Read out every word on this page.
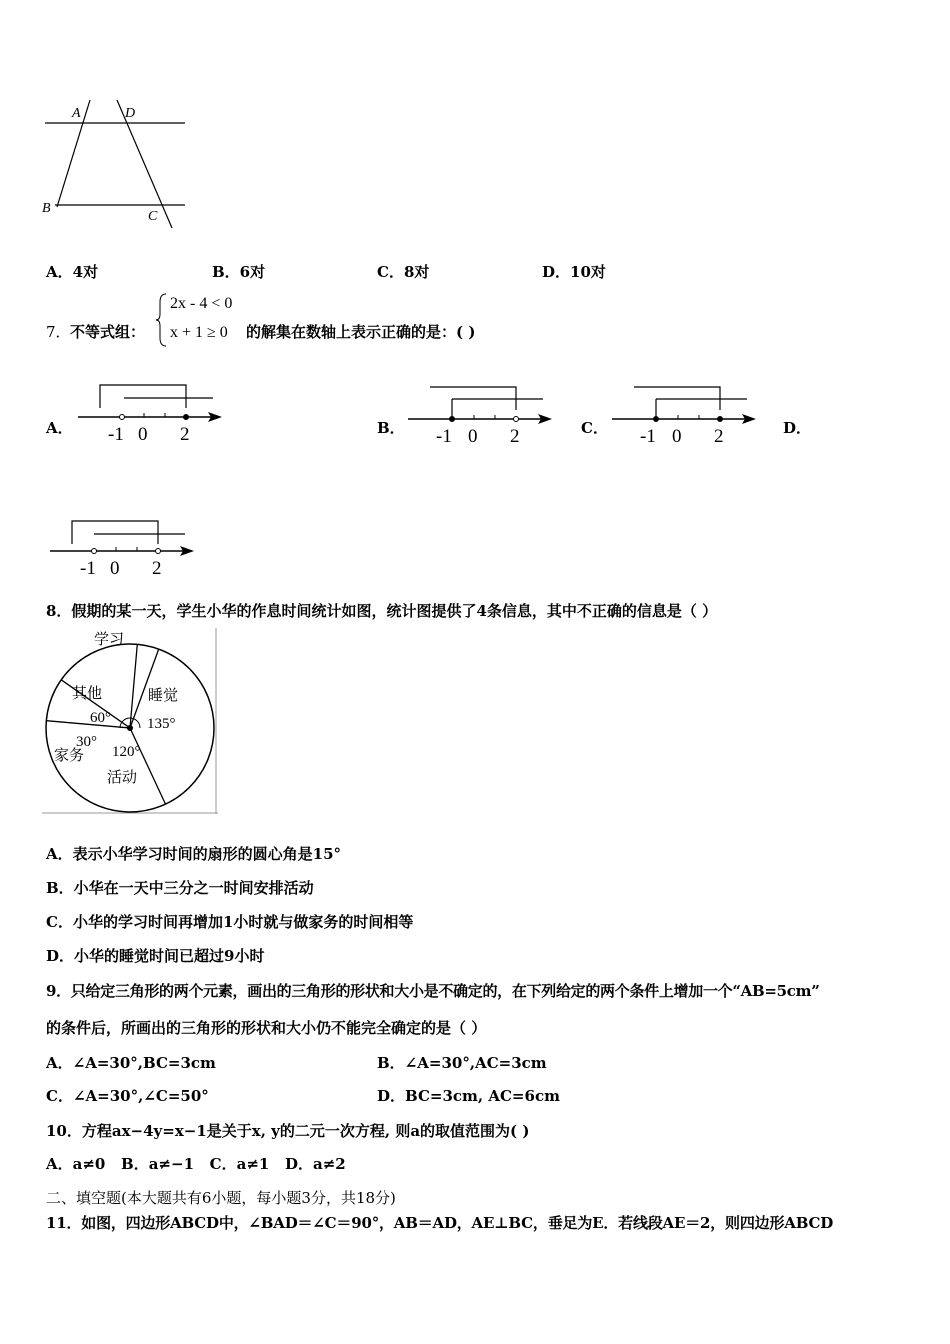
A	D
B
C
A．4对	B．6对	C．8对	D．10对
7． 不等式组：
2x - 4 < 0
x + 1 ≥ 0 的解集在数轴上表示正确的是：( )
A． -1 0 2	B． -1 0 2	C． -1 0 2	D．
-1 0 2
8．假期的某一天，学生小华的作息时间统计如图，统计图提供了4条信息，其中不正确的信息是（ ）
学习
睡觉
活动
家务
其他
135°
120°
30°
60°
A．表示小华学习时间的扇形的圆心角是15°
B．小华在一天中三分之一时间安排活动
C．小华的学习时间再增加1小时就与做家务的时间相等
D．小华的睡觉时间已超过9小时
9．只给定三角形的两个元素，画出的三角形的形状和大小是不确定的，在下列给定的两个条件上增加一个“AB=5cm”
的条件后，所画出的三角形的形状和大小仍不能完全确定的是（ ）
A．∠A=30°,BC=3cm	B．∠A=30°,AC=3cm
C．∠A=30°,∠C=50°	D．BC=3cm, AC=6cm
10．方程ax−4y=x−1是关于x, y的二元一次方程, 则a的取值范围为( )
A．a≠0   B．a≠−1   C．a≠1   D．a≠2
二、填空题(本大题共有6小题，每小题3分，共18分)
11．如图，四边形ABCD中，∠BAD＝∠C＝90°，AB＝AD，AE⊥BC，垂足为E．若线段AE＝2，则四边形ABCD
